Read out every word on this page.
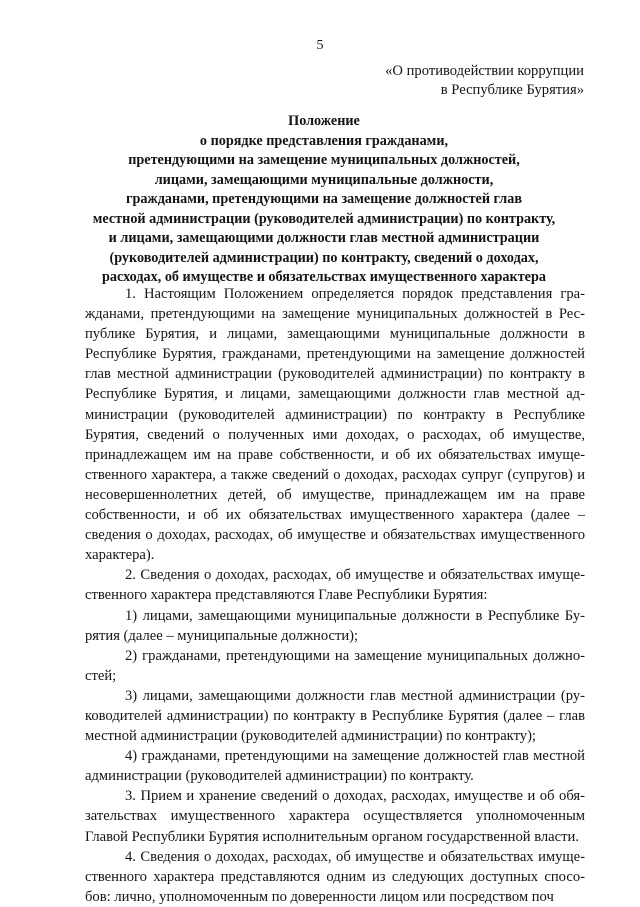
5
«О противодействии коррупции
в Республике Бурятия»
Положение
о порядке представления гражданами,
претендующими на замещение муниципальных должностей,
лицами, замещающими муниципальные должности,
гражданами, претендующими на замещение должностей глав
местной администрации (руководителей администрации) по контракту,
и лицами, замещающими должности глав местной администрации
(руководителей администрации) по контракту, сведений о доходах,
расходах, об имуществе и обязательствах имущественного характера

1. Настоящим Положением определяется порядок представления гражданами, претендующими на замещение муниципальных должностей в Республике Бурятия, и лицами, замещающими муниципальные должности в Республике Бурятия, гражданами, претендующими на замещение должностей глав местной администрации (руководителей администрации) по контракту в Республике Бурятия, и лицами, замещающими должности глав местной администрации (руководителей администрации) по контракту в Республике Бурятия, сведений о полученных ими доходах, о расходах, об имуществе, принадлежащем им на праве собственности, и об их обязательствах имущественного характера, а также сведений о доходах, расходах супруг (супругов) и несовершеннолетних детей, об имуществе, принадлежащем им на праве собственности, и об их обязательствах имущественного характера (далее – сведения о доходах, расходах, об имуществе и обязательствах имущественного характера).

2. Сведения о доходах, расходах, об имуществе и обязательствах имущественного характера представляются Главе Республики Бурятия:

1) лицами, замещающими муниципальные должности в Республике Бурятия (далее – муниципальные должности);

2) гражданами, претендующими на замещение муниципальных должностей;

3) лицами, замещающими должности глав местной администрации (руководителей администрации) по контракту в Республике Бурятия (далее – глав местной администрации (руководителей администрации) по контракту);

4) гражданами, претендующими на замещение должностей глав местной администрации (руководителей администрации) по контракту.

3. Прием и хранение сведений о доходах, расходах, имуществе и об обязательствах имущественного характера осуществляется уполномоченным Главой Республики Бурятия исполнительным органом государственной власти.

4. Сведения о доходах, расходах, об имуществе и обязательствах имущественного характера представляются одним из следующих доступных способов: лично, уполномоченным по доверенности лицом или посредством поч
